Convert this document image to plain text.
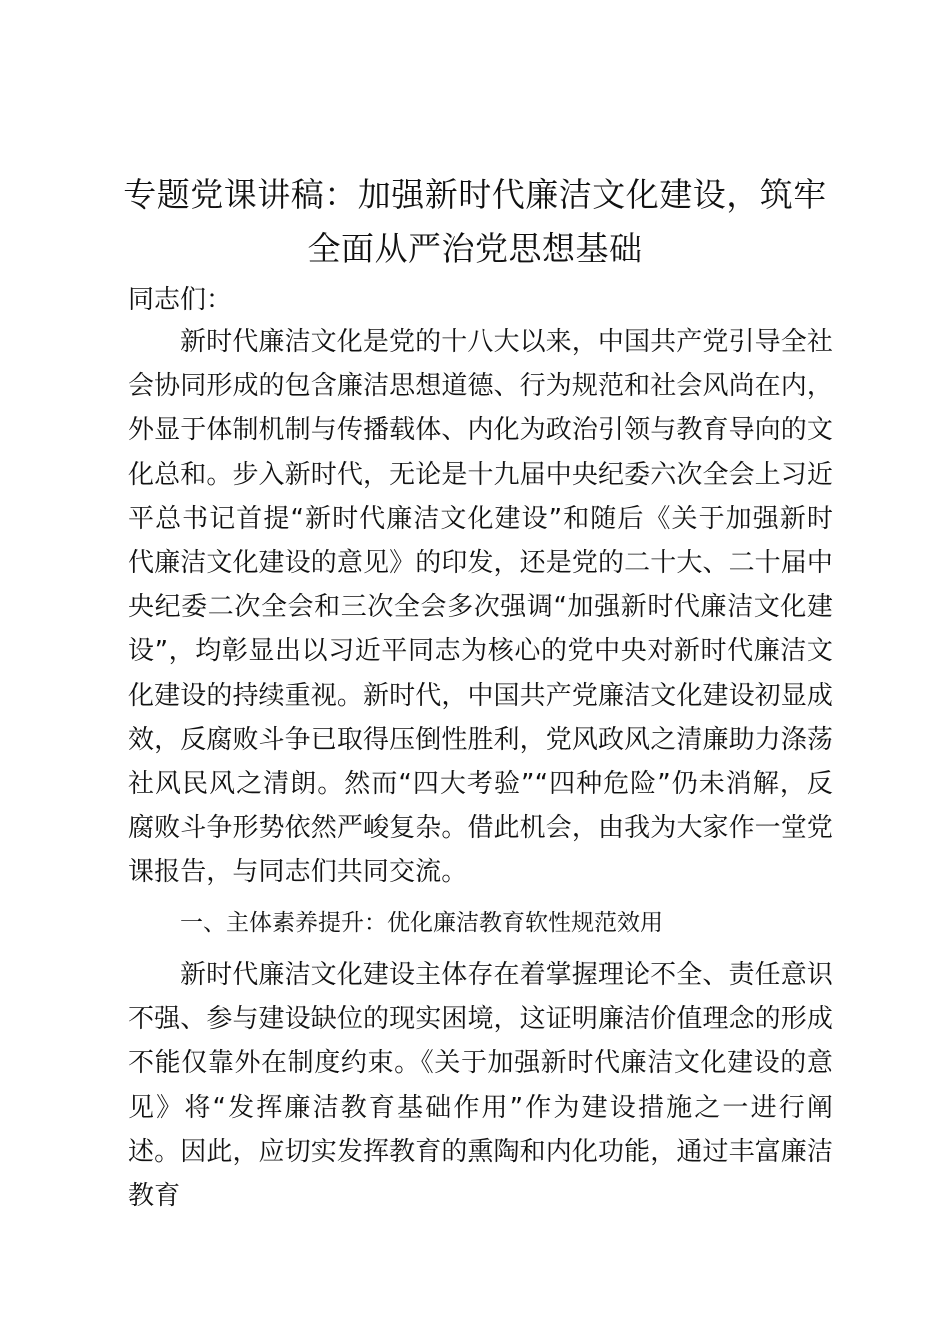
专题党课讲稿：加强新时代廉洁文化建设，筑牢全面从严治党思想基础

同志们：

新时代廉洁文化是党的十八大以来，中国共产党引导全社会协同形成的包含廉洁思想道德、行为规范和社会风尚在内，外显于体制机制与传播载体、内化为政治引领与教育导向的文化总和。步入新时代，无论是十九届中央纪委六次全会上习近平总书记首提“新时代廉洁文化建设”和随后《关于加强新时代廉洁文化建设的意见》的印发，还是党的二十大、二十届中央纪委二次全会和三次全会多次强调“加强新时代廉洁文化建设”，均彰显出以习近平同志为核心的党中央对新时代廉洁文化建设的持续重视。新时代，中国共产党廉洁文化建设初显成效，反腐败斗争已取得压倒性胜利，党风政风之清廉助力涤荡社风民风之清朗。然而“四大考验”“四种危险”仍未消解，反腐败斗争形势依然严峻复杂。借此机会，由我为大家作一堂党课报告，与同志们共同交流。

一、主体素养提升：优化廉洁教育软性规范效用

新时代廉洁文化建设主体存在着掌握理论不全、责任意识不强、参与建设缺位的现实困境，这证明廉洁价值理念的形成不能仅靠外在制度约束。《关于加强新时代廉洁文化建设的意见》将“发挥廉洁教育基础作用”作为建设措施之一进行阐述。因此，应切实发挥教育的熏陶和内化功能，通过丰富廉洁教育
